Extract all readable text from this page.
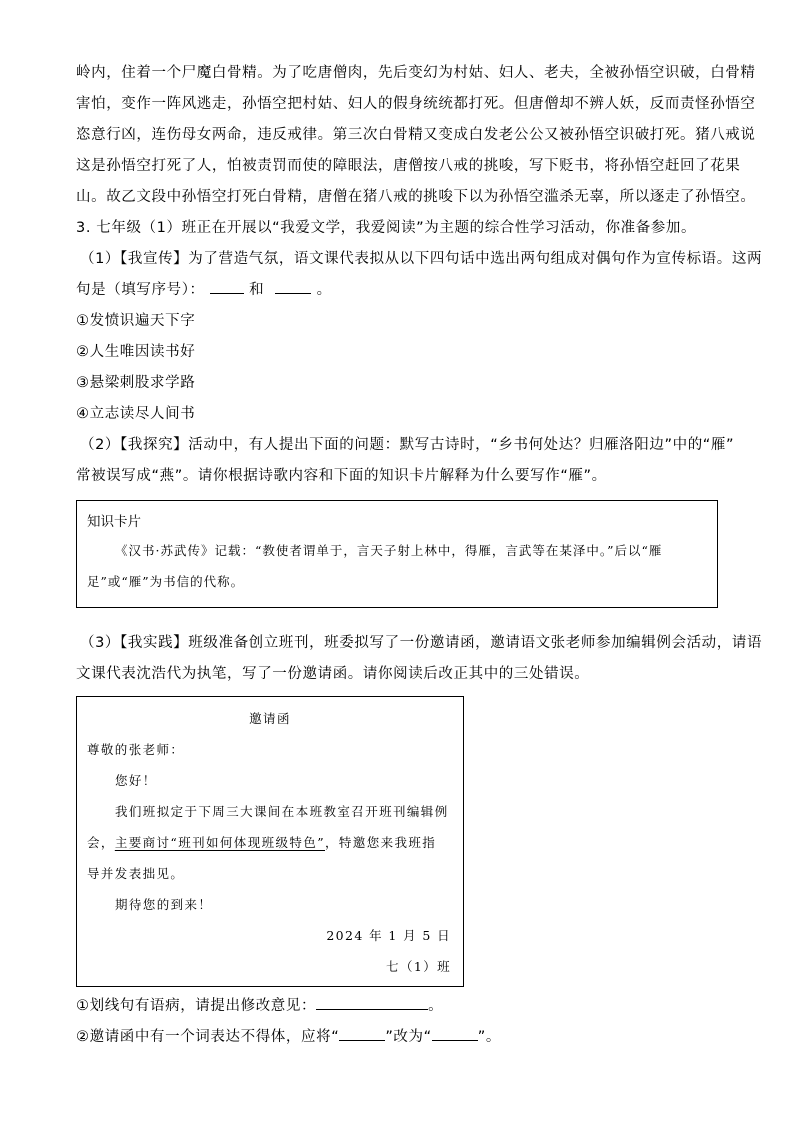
岭内，住着一个尸魔白骨精。为了吃唐僧肉，先后变幻为村姑、妇人、老夫，全被孙悟空识破，白骨精

害怕，变作一阵风逃走，孙悟空把村姑、妇人的假身统统都打死。但唐僧却不辨人妖，反而责怪孙悟空

恣意行凶，连伤母女两命，违反戒律。第三次白骨精又变成白发老公公又被孙悟空识破打死。猪八戒说

这是孙悟空打死了人，怕被责罚而使的障眼法，唐僧按八戒的挑唆，写下贬书，将孙悟空赶回了花果

山。故乙文段中孙悟空打死白骨精，唐僧在猪八戒的挑唆下以为孙悟空滥杀无辜，所以逐走了孙悟空。

3. 七年级（1）班正在开展以“我爱文学，我爱阅读”为主题的综合性学习活动，你准备参加。

（1）【我宣传】为了营造气氛，语文课代表拟从以下四句话中选出两句组成对偶句作为宣传标语。这两

句是（填写序号）：	和	。

①发愤识遍天下字

②人生唯因读书好

③悬梁刺股求学路

④立志读尽人间书

（2）【我探究】活动中，有人提出下面的问题：默写古诗时，“乡书何处达？归雁洛阳边”中的“雁”

常被误写成“燕”。请你根据诗歌内容和下面的知识卡片解释为什么要写作“雁”。

知识卡片
《汉书·苏武传》记载：“教使者谓单于，言天子射上林中，得雁，言武等在某泽中。”后以“雁足”或“雁”为书信的代称。

（3）【我实践】班级准备创立班刊，班委拟写了一份邀请函，邀请语文张老师参加编辑例会活动，请语

文课代表沈浩代为执笔，写了一份邀请函。请你阅读后改正其中的三处错误。

邀请函
尊敬的张老师：
您好！
我们班拟定于下周三大课间在本班教室召开班刊编辑例
会，主要商讨“班刊如何体现班级特色”，特邀您来我班指
导并发表拙见。
期待您的到来！
2024 年 1 月 5 日
七（1）班

①划线句有语病，请提出修改意见：	。

②邀请函中有一个词表达不得体，应将“	”改为“	”。
